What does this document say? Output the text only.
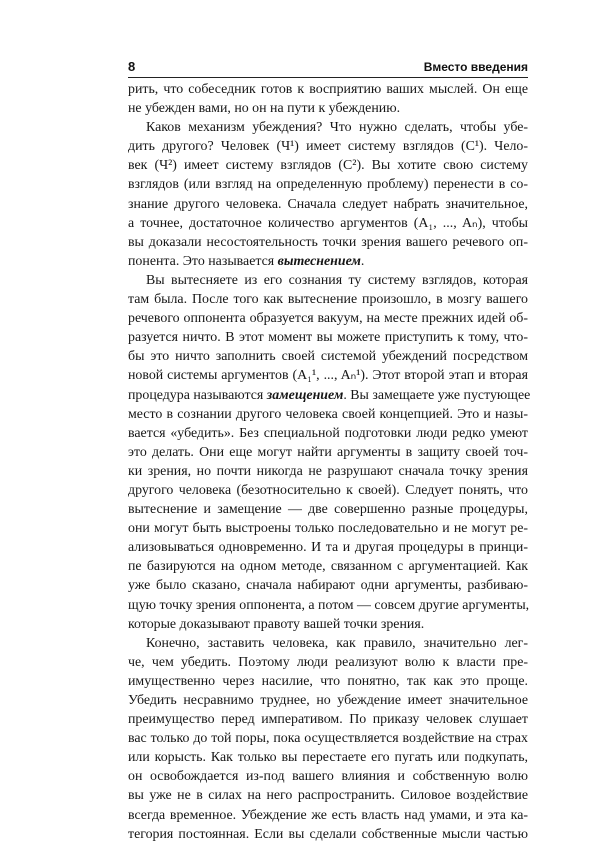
8	Вместо введения
рить, что собеседник готов к восприятию ваших мыслей. Он еще
не убежден вами, но он на пути к убеждению.
Каков механизм убеждения? Что нужно сделать, чтобы убе-
дить другого? Человек (Ч¹) имеет систему взглядов (С¹). Чело-
век (Ч²) имеет систему взглядов (С²). Вы хотите свою систему
взглядов (или взгляд на определенную проблему) перенести в со-
знание другого человека. Сначала следует набрать значительное,
а точнее, достаточное количество аргументов (A₁, ..., Aₙ), чтобы
вы доказали несостоятельность точки зрения вашего речевого оп-
понента. Это называется вытеснением.
Вы вытесняете из его сознания ту систему взглядов, которая
там была. После того как вытеснение произошло, в мозгу вашего
речевого оппонента образуется вакуум, на месте прежних идей об-
разуется ничто. В этот момент вы можете приступить к тому, что-
бы это ничто заполнить своей системой убеждений посредством
новой системы аргументов (A₁¹, ..., Aₙ¹). Этот второй этап и вторая
процедура называются замещением. Вы замещаете уже пустующее
место в сознании другого человека своей концепцией. Это и назы-
вается «убедить». Без специальной подготовки люди редко умеют
это делать. Они еще могут найти аргументы в защиту своей точ-
ки зрения, но почти никогда не разрушают сначала точку зрения
другого человека (безотносительно к своей). Следует понять, что
вытеснение и замещение — две совершенно разные процедуры,
они могут быть выстроены только последовательно и не могут ре-
ализовываться одновременно. И та и другая процедуры в принци-
пе базируются на одном методе, связанном с аргументацией. Как
уже было сказано, сначала набирают одни аргументы, разбиваю-
щую точку зрения оппонента, а потом — совсем другие аргументы,
которые доказывают правоту вашей точки зрения.
Конечно, заставить человека, как правило, значительно лег-
че, чем убедить. Поэтому люди реализуют волю к власти пре-
имущественно через насилие, что понятно, так как это проще.
Убедить несравнимо труднее, но убеждение имеет значительное
преимущество перед императивом. По приказу человек слушает
вас только до той поры, пока осуществляется воздействие на страх
или корысть. Как только вы перестаете его пугать или подкупать,
он освобождается из-под вашего влияния и собственную волю
вы уже не в силах на него распространить. Силовое воздействие
всегда временное. Убеждение же есть власть над умами, и эта ка-
тегория постоянная. Если вы сделали собственные мысли частью
